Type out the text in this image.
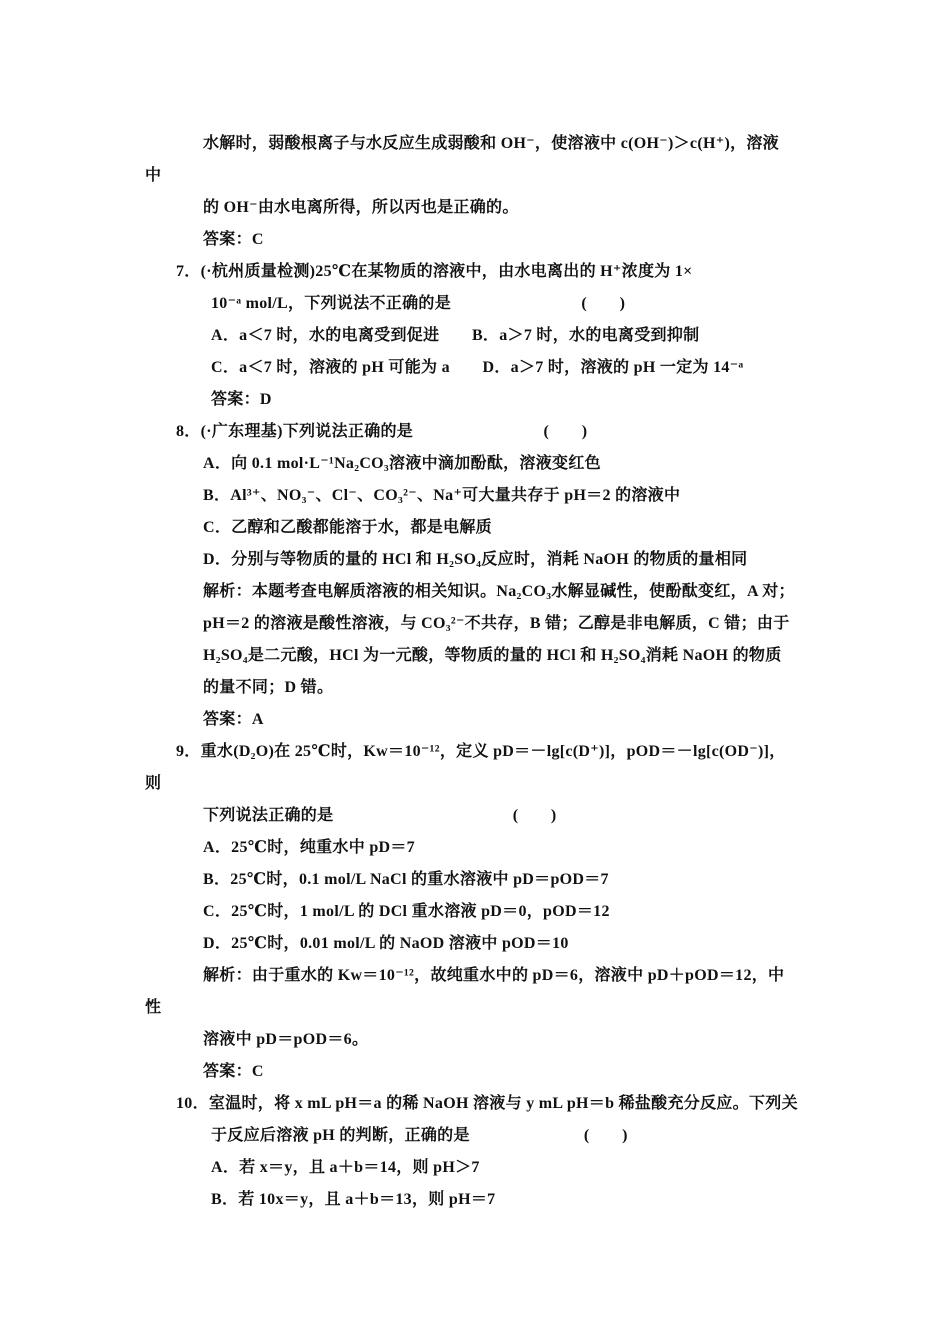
水解时，弱酸根离子与水反应生成弱酸和 OH⁻，使溶液中 c(OH⁻)＞c(H⁺)，溶液
中
的 OH⁻由水电离所得，所以丙也是正确的。
答案：C
7．(·杭州质量检测)25℃在某物质的溶液中，由水电离出的 H⁺浓度为 1×
10⁻ᵃ mol/L，下列说法不正确的是　　　　　　　　(　　)
A．a＜7 时，水的电离受到促进　　B．a＞7 时，水的电离受到抑制
C．a＜7 时，溶液的 pH 可能为 a　　D．a＞7 时，溶液的 pH 一定为 14⁻ᵃ
答案：D
8．(·广东理基)下列说法正确的是　　　　　　　　(　　)
A．向 0.1 mol·L⁻¹Na₂CO₃溶液中滴加酚酞，溶液变红色
B．Al³⁺、NO₃⁻、Cl⁻、CO₃²⁻、Na⁺可大量共存于 pH＝2 的溶液中
C．乙醇和乙酸都能溶于水，都是电解质
D．分别与等物质的量的 HCl 和 H₂SO₄反应时，消耗 NaOH 的物质的量相同
解析：本题考查电解质溶液的相关知识。Na₂CO₃水解显碱性，使酚酞变红，A 对；
pH＝2 的溶液是酸性溶液，与 CO₃²⁻不共存，B 错；乙醇是非电解质，C 错；由于
H₂SO₄是二元酸，HCl 为一元酸，等物质的量的 HCl 和 H₂SO₄消耗 NaOH 的物质
的量不同；D 错。
答案：A
9．重水(D₂O)在 25℃时，Kw＝10⁻¹²，定义 pD＝－lg[c(D⁺)]，pOD＝－lg[c(OD⁻)]，
则
下列说法正确的是　　　　　　　　　　　(　　)
A．25℃时，纯重水中 pD＝7
B．25℃时，0.1 mol/L NaCl 的重水溶液中 pD＝pOD＝7
C．25℃时，1 mol/L 的 DCl 重水溶液 pD＝0，pOD＝12
D．25℃时，0.01 mol/L 的 NaOD 溶液中 pOD＝10
解析：由于重水的 Kw＝10⁻¹²，故纯重水中的 pD＝6，溶液中 pD＋pOD＝12，中
性
溶液中 pD＝pOD＝6。
答案：C
10．室温时，将 x mL pH＝a 的稀 NaOH 溶液与 y mL pH＝b 稀盐酸充分反应。下列关
于反应后溶液 pH 的判断，正确的是　　　　　　　(　　)
A．若 x＝y，且 a＋b＝14，则 pH＞7
B．若 10x＝y，且 a＋b＝13，则 pH＝7
